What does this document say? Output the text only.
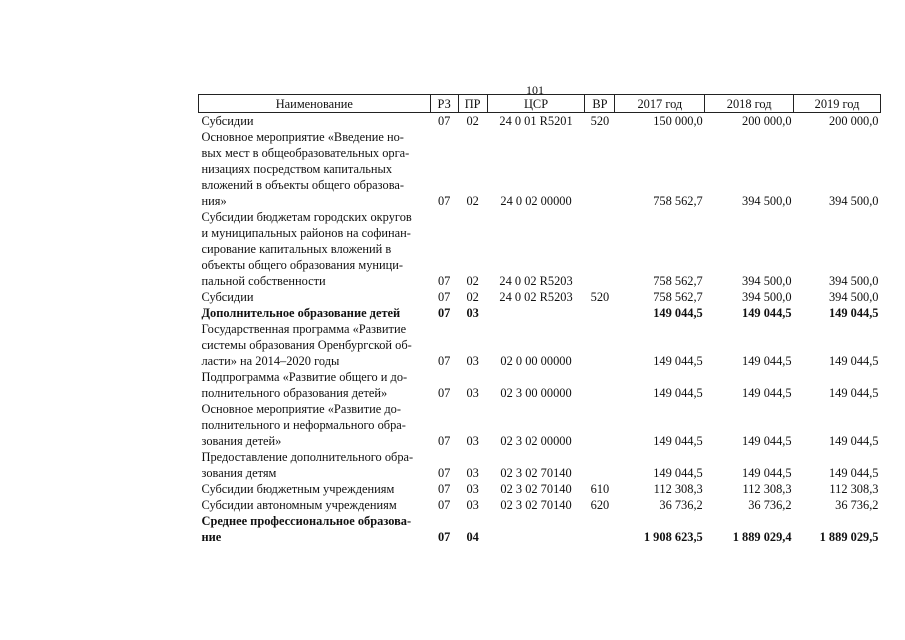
101
Наименование	РЗ	ПР	ЦСР	ВР	2017 год	2018 год	2019 год

Субсидии	07	02	24 0 01 R5201	520	150 000,0	200 000,0	200 000,0

Основное мероприятие «Введение но-
вых мест в общеобразовательных орга-
низациях посредством капитальных
вложений в объекты общего образова-
ния»	07	02	24 0 02 00000		758 562,7	394 500,0	394 500,0

Субсидии бюджетам городских округов
и муниципальных районов на софинан-
сирование капитальных вложений в
объекты общего образования муници-
пальной собственности	07	02	24 0 02 R5203		758 562,7	394 500,0	394 500,0

Субсидии	07	02	24 0 02 R5203	520	758 562,7	394 500,0	394 500,0

Дополнительное образование детей	07	03			149 044,5	149 044,5	149 044,5

Государственная программа «Развитие
системы образования Оренбургской об-
ласти» на 2014–2020 годы	07	03	02 0 00 00000		149 044,5	149 044,5	149 044,5

Подпрограмма «Развитие общего и до-
полнительного образования детей»	07	03	02 3 00 00000		149 044,5	149 044,5	149 044,5

Основное мероприятие «Развитие до-
полнительного и неформального обра-
зования детей»	07	03	02 3 02 00000		149 044,5	149 044,5	149 044,5

Предоставление дополнительного обра-
зования детям	07	03	02 3 02 70140		149 044,5	149 044,5	149 044,5

Субсидии бюджетным учреждениям	07	03	02 3 02 70140	610	112 308,3	112 308,3	112 308,3

Субсидии автономным учреждениям	07	03	02 3 02 70140	620	36 736,2	36 736,2	36 736,2

Среднее профессиональное образова-
ние	07	04			1 908 623,5	1 889 029,4	1 889 029,5
